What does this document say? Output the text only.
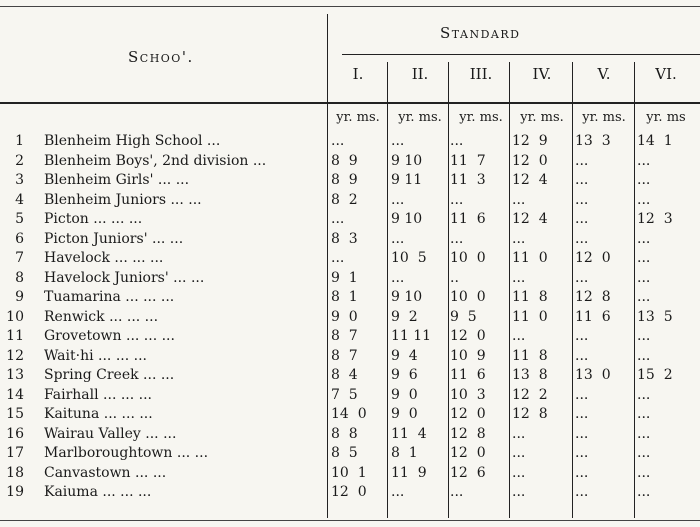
Schoo'.
Standard
I.	II.	III.	IV.	V.	VI.
yr. ms.	yr. ms.	yr. ms.	yr. ms.	yr. ms.	yr. ms
1 Blenheim High School ...	...	...	...	12  9	13  3	14  1
2 Blenheim Boys', 2nd division ...	8  9	9 10	11  7	12  0	...	...
3 Blenheim Girls' ... ...	8  9	9 11	11  3	12  4	...	...
4 Blenheim Juniors ... ...	8  2	...	...	...	...	...
5 Picton ... ... ...	...	9 10	11  6	12  4	...	12  3
6 Picton Juniors' ... ...	8  3	...	...	...	...	...
7 Havelock ... ... ...	...	10  5	10  0	11  0	12  0	...
8 Havelock Juniors' ... ...	9  1	...	..	...	...	...
9 Tuamarina ... ... ...	8  1	9 10	10  0	11  8	12  8	...
10 Renwick ... ... ...	9  0	9  2	9  5	11  0	11  6	13  5
11 Grovetown ... ... ...	8  7	11 11	12  0	...	...	...
12 Wait·hi ... ... ...	8  7	9  4	10  9	11  8	...	...
13 Spring Creek ... ...	8  4	9  6	11  6	13  8	13  0	15  2
14 Fairhall ... ... ...	7  5	9  0	10  3	12  2	...	...
15 Kaituna ... ... ...	14  0	9  0	12  0	12  8	...	...
16 Wairau Valley ... ...	8  8	11  4	12  8	...	...	...
17 Marlboroughtown ... ...	8  5	8  1	12  0	...	...	...
18 Canvastown ... ...	10  1	11  9	12  6	...	...	...
19 Kaiuma ... ... ...	12  0	...	...	...	...	...
